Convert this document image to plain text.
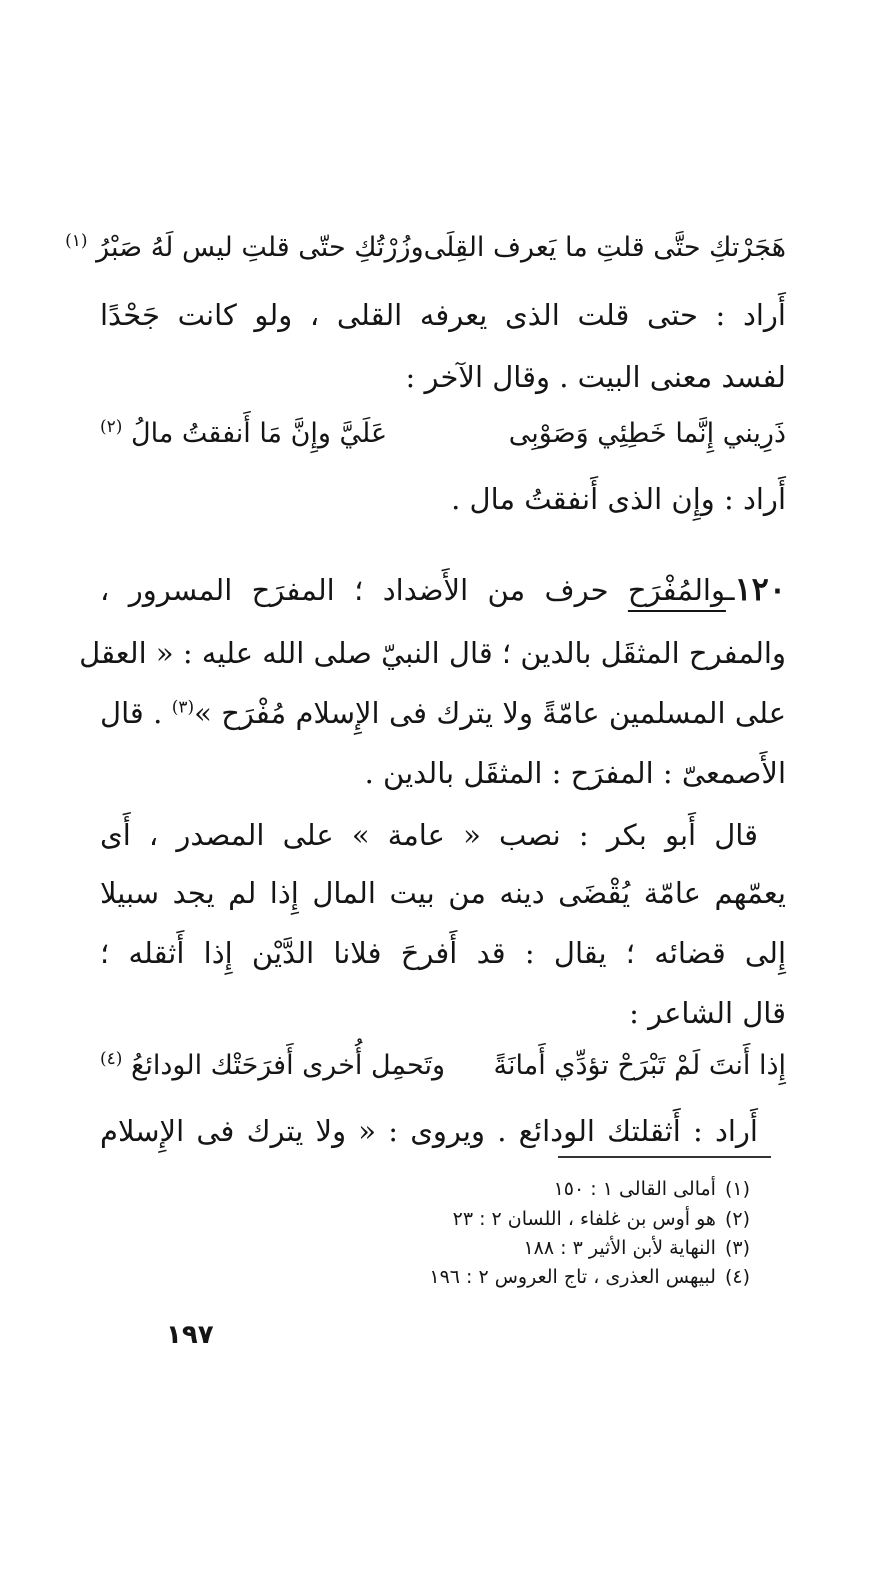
هَجَرْتكِ حتَّى قلتِ ما يَعرف القِلَى
وزُرْتُكِ حتّى قلتِ ليس لَهُ صَبْرُ $^{(١)}$
أَراد : حتى قلت الذى يعرفه القلى ، ولو كانت جَحْدًا
لفسد معنى البيت . وقال الآخر :
ذَرِيني إِنَّما خَطِئِي وَصَوْبِى
عَلَيَّ وإِنَّ مَا أَنفقتُ مالُ $^{(٢)}$
أَراد : وإِن الذى أَنفقتُ مال .
١٢٠ـوالمُفْرَح حرف من الأَضداد ؛ المفرَح المسرور ،
والمفرح المثقَل بالدين ؛ قال النبيّ صلى الله عليه : « العقل
على المسلمين عامّةً ولا يترك فى الإِسلام مُفْرَح »$^{(٣)}$ . قال
الأَصمعىّ : المفرَح : المثقَل بالدين .
قال أَبو بكر : نصب « عامة » على المصدر ، أَى
يعمّهم عامّة يُقْضَى دينه من بيت المال إِذا لم يجد سبيلا
إِلى قضائه ؛ يقال : قد أَفرحَ فلانا الدَّيْن إِذا أَثقله ؛
قال الشاعر :
إِذا أَنتَ لَمْ تَبْرَحْ تؤدِّي أَمانَةً
وتَحمِل أُخرى أَفرَحَتْك الودائعُ $^{(٤)}$
أَراد : أَثقلتك الودائع . ويروى : « ولا يترك فى الإِسلام
(١) أمالى القالى ١ : ١٥٠
(٢) هو أوس بن غلفاء ، اللسان ٢ : ٢٣
(٣) النهاية لأبن الأثير ٣ : ١٨٨
(٤) لبيهس العذرى ، تاج العروس ٢ : ١٩٦
١٩٧
